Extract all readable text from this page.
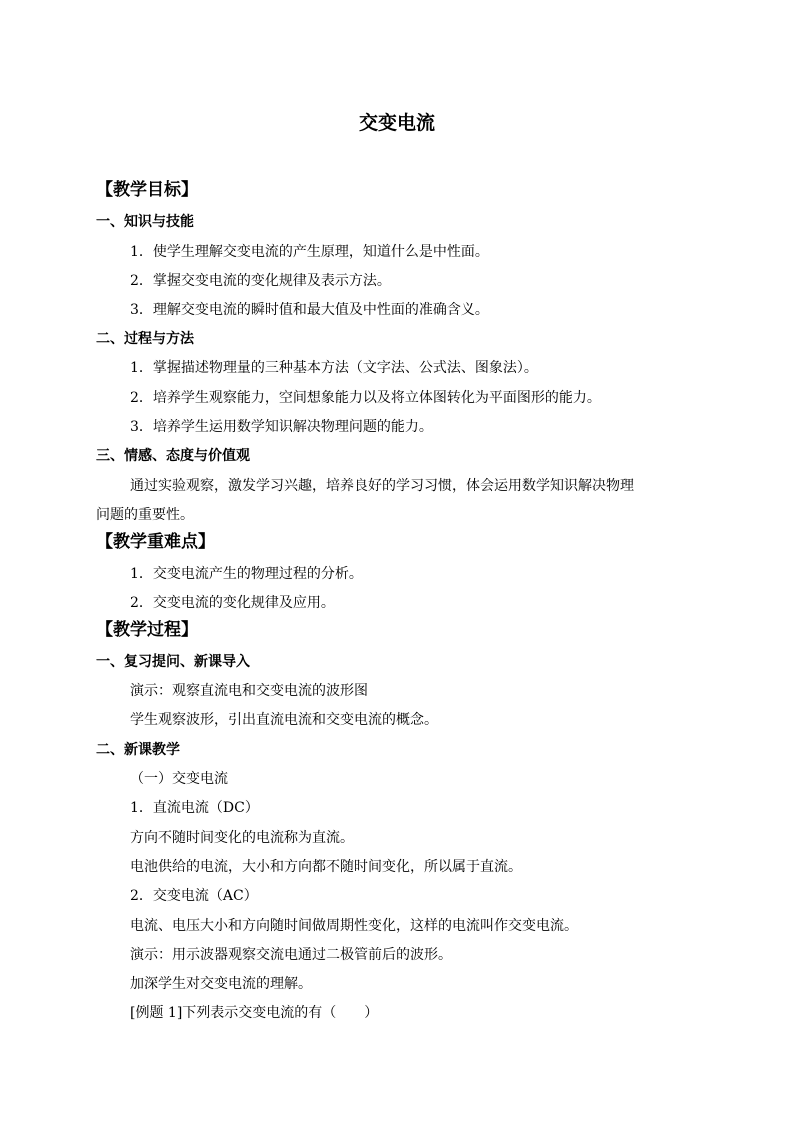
交变电流
【教学目标】
一、知识与技能
1．使学生理解交变电流的产生原理，知道什么是中性面。
2．掌握交变电流的变化规律及表示方法。
3．理解交变电流的瞬时值和最大值及中性面的准确含义。
二、过程与方法
1．掌握描述物理量的三种基本方法（文字法、公式法、图象法）。
2．培养学生观察能力，空间想象能力以及将立体图转化为平面图形的能力。
3．培养学生运用数学知识解决物理问题的能力。
三、情感、态度与价值观
通过实验观察，激发学习兴趣，培养良好的学习习惯，体会运用数学知识解决物理
问题的重要性。
【教学重难点】
1．交变电流产生的物理过程的分析。
2．交变电流的变化规律及应用。
【教学过程】
一、复习提问、新课导入
演示：观察直流电和交变电流的波形图
学生观察波形，引出直流电流和交变电流的概念。
二、新课教学
（一）交变电流
1．直流电流（DC）
方向不随时间变化的电流称为直流。
电池供给的电流，大小和方向都不随时间变化，所以属于直流。
2．交变电流（AC）
电流、电压大小和方向随时间做周期性变化，这样的电流叫作交变电流。
演示：用示波器观察交流电通过二极管前后的波形。
加深学生对交变电流的理解。
[例题 1]下列表示交变电流的有（　　）
